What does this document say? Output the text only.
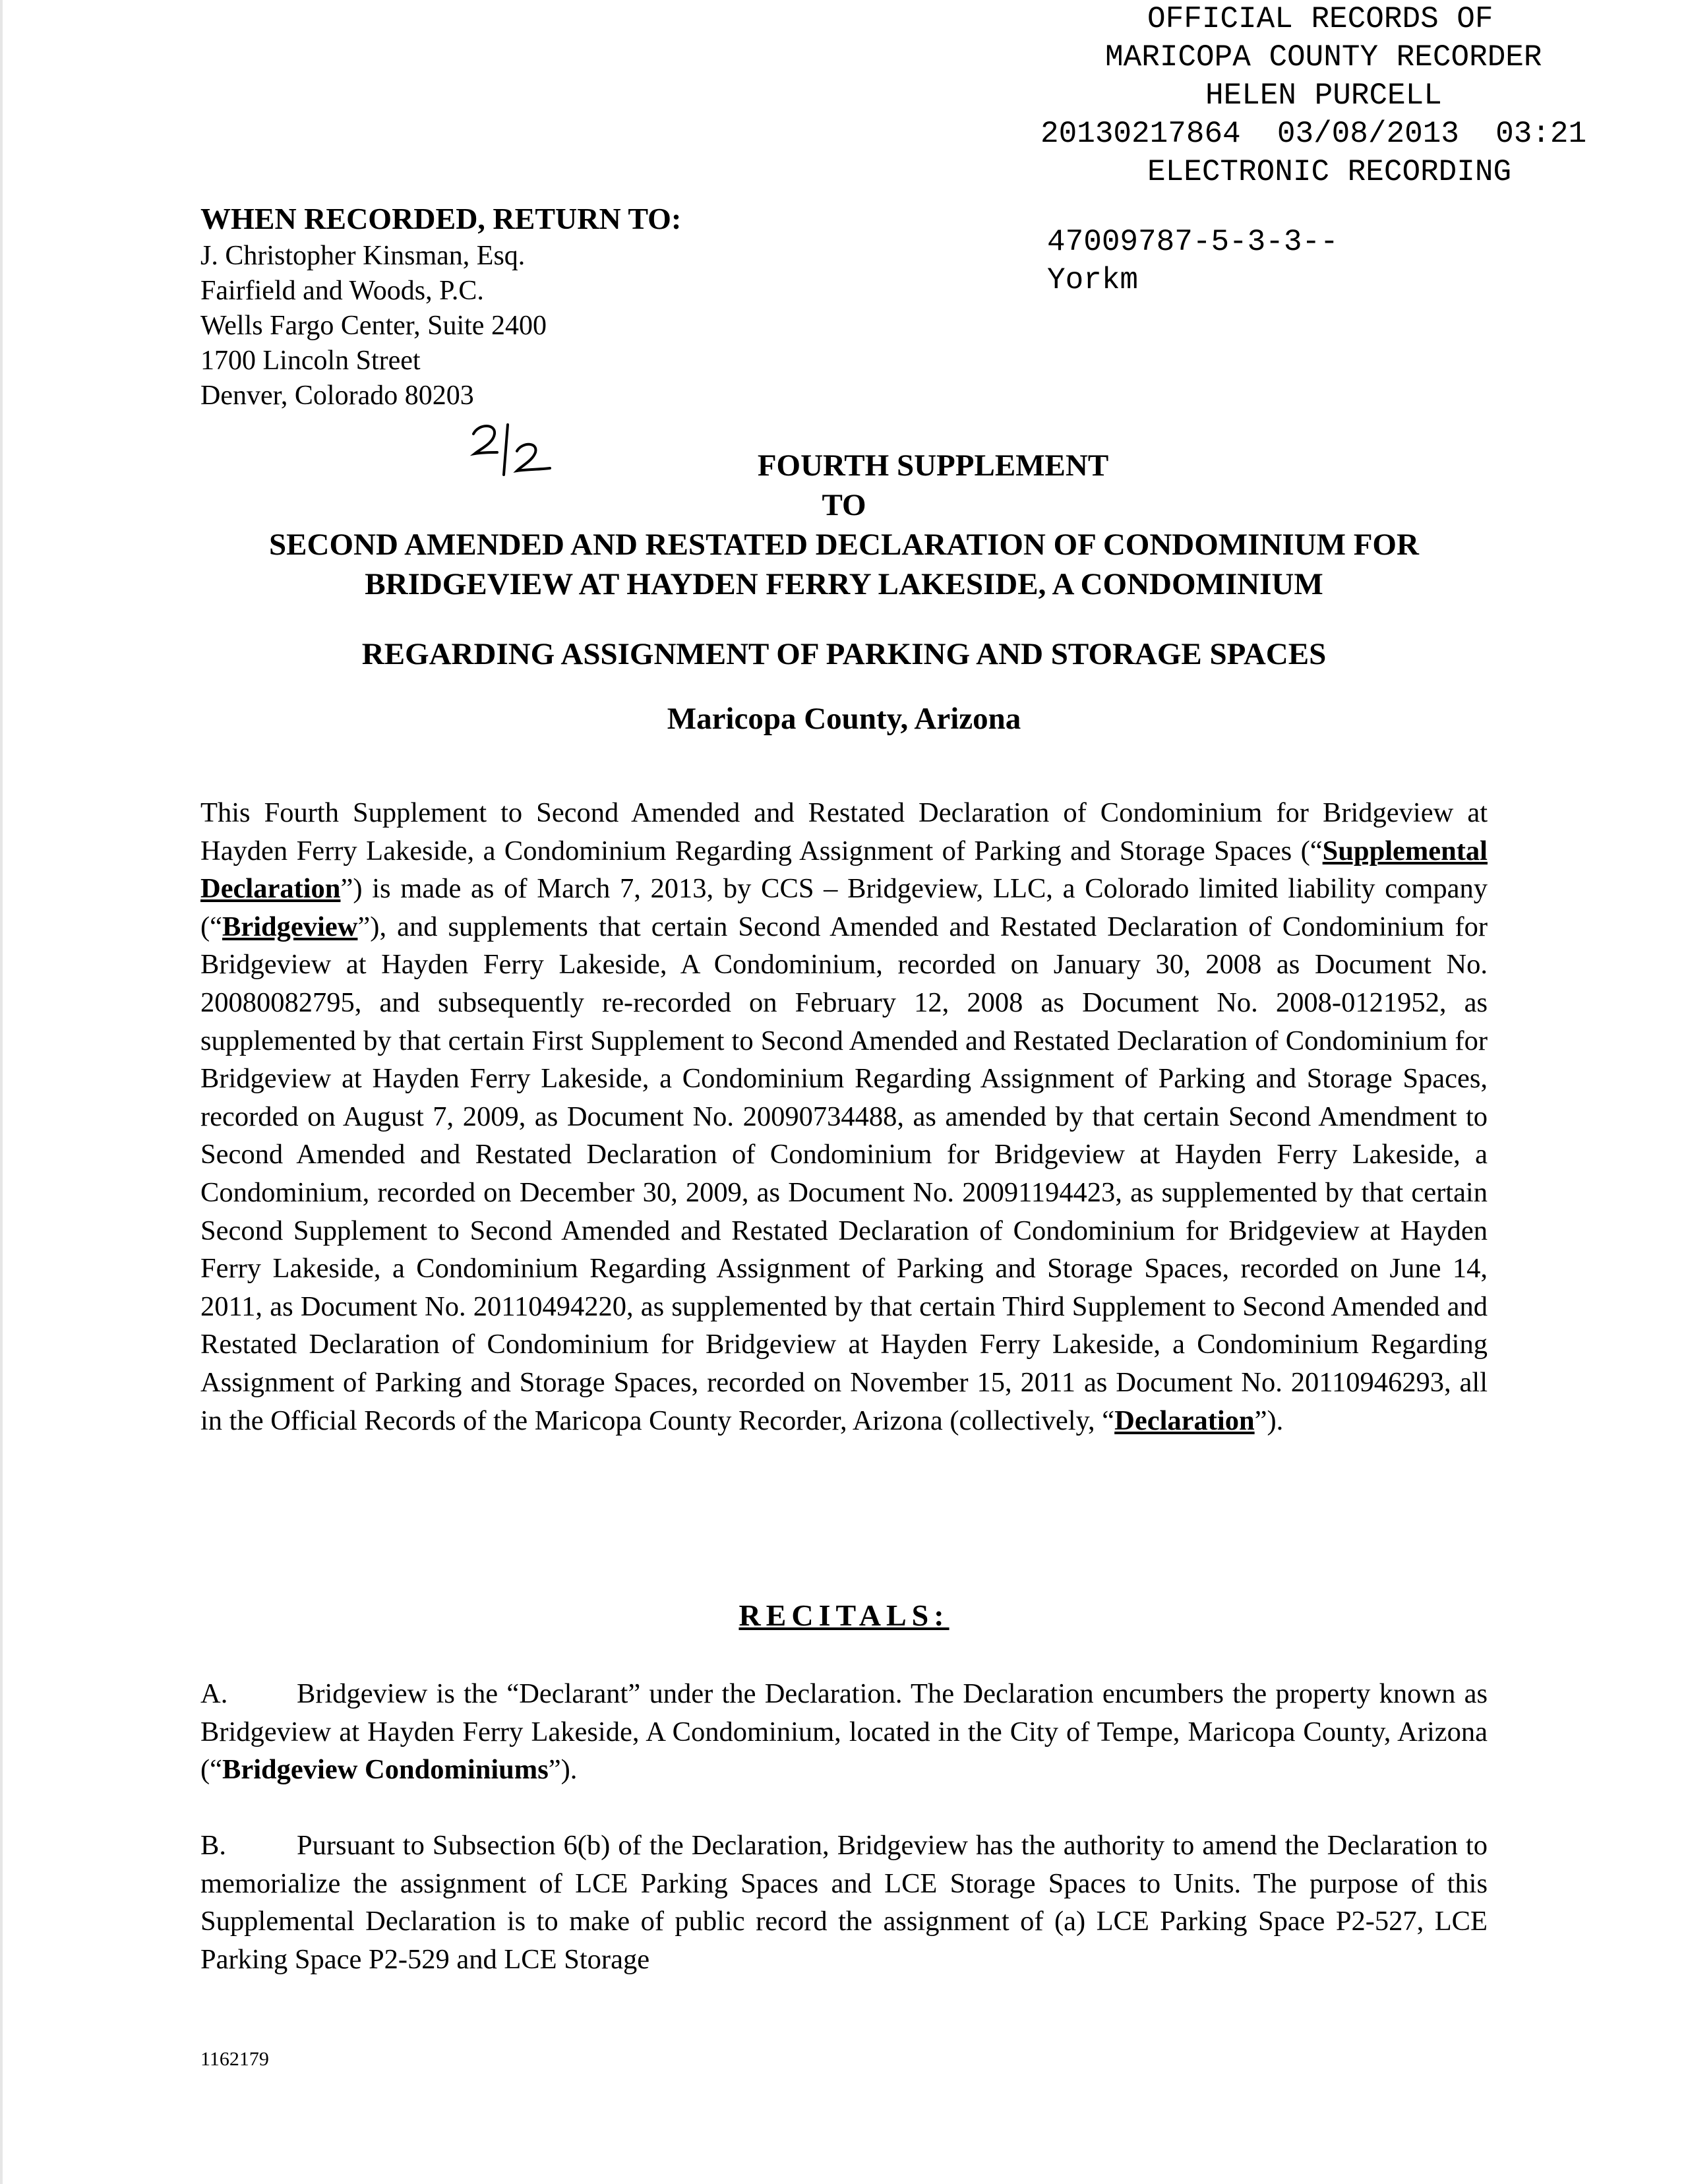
OFFICIAL RECORDS OF
MARICOPA COUNTY RECORDER
HELEN PURCELL
20130217864  03/08/2013  03:21
ELECTRONIC RECORDING
47009787-5-3-3--
Yorkm
WHEN RECORDED, RETURN TO:
J. Christopher Kinsman, Esq.
Fairfield and Woods, P.C.
Wells Fargo Center, Suite 2400
1700 Lincoln Street
Denver, Colorado 80203
FOURTH SUPPLEMENT
TO
SECOND AMENDED AND RESTATED DECLARATION OF CONDOMINIUM FOR
BRIDGEVIEW AT HAYDEN FERRY LAKESIDE, A CONDOMINIUM
REGARDING ASSIGNMENT OF PARKING AND STORAGE SPACES
Maricopa County, Arizona

This Fourth Supplement to Second Amended and Restated Declaration of Condominium for Bridgeview at Hayden Ferry Lakeside, a Condominium Regarding Assignment of Parking and Storage Spaces (“Supplemental Declaration”) is made as of March 7, 2013, by CCS – Bridgeview, LLC, a Colorado limited liability company (“Bridgeview”), and supplements that certain Second Amended and Restated Declaration of Condominium for Bridgeview at Hayden Ferry Lakeside, A Condominium, recorded on January 30, 2008 as Document No. 20080082795, and subsequently re-recorded on February 12, 2008 as Document No. 2008-0121952, as supplemented by that certain First Supplement to Second Amended and Restated Declaration of Condominium for Bridgeview at Hayden Ferry Lakeside, a Condominium Regarding Assignment of Parking and Storage Spaces, recorded on August 7, 2009, as Document No. 20090734488, as amended by that certain Second Amendment to Second Amended and Restated Declaration of Condominium for Bridgeview at Hayden Ferry Lakeside, a Condominium, recorded on December 30, 2009, as Document No. 20091194423, as supplemented by that certain Second Supplement to Second Amended and Restated Declaration of Condominium for Bridgeview at Hayden Ferry Lakeside, a Condominium Regarding Assignment of Parking and Storage Spaces, recorded on June 14, 2011, as Document No. 20110494220, as supplemented by that certain Third Supplement to Second Amended and Restated Declaration of Condominium for Bridgeview at Hayden Ferry Lakeside, a Condominium Regarding Assignment of Parking and Storage Spaces, recorded on November 15, 2011 as Document No. 20110946293, all in the Official Records of the Maricopa County Recorder, Arizona (collectively, “Declaration”).

RECITALS:

A. Bridgeview is the “Declarant” under the Declaration. The Declaration encumbers the property known as Bridgeview at Hayden Ferry Lakeside, A Condominium, located in the City of Tempe, Maricopa County, Arizona (“Bridgeview Condominiums”).

B.	Pursuant to Subsection 6(b) of the Declaration, Bridgeview has the authority to amend the Declaration to memorialize the assignment of LCE Parking Spaces and LCE Storage Spaces to Units. The purpose of this Supplemental Declaration is to make of public record the assignment of (a) LCE Parking Space P2-527, LCE Parking Space P2-529 and LCE Storage

1162179
